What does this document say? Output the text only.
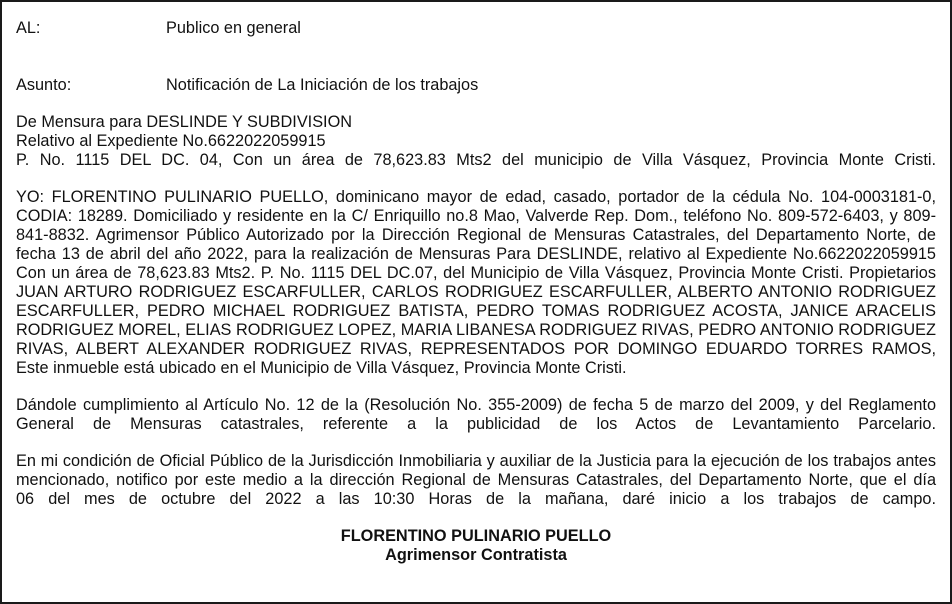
AL:	Publico en general
Asunto:	Notificación de La Iniciación de los trabajos
De Mensura para DESLINDE Y SUBDIVISION
Relativo al Expediente No.6622022059915
P. No. 1115 DEL DC. 04, Con un área de 78,623.83 Mts2 del municipio de Villa Vásquez, Provincia Monte Cristi.
YO: FLORENTINO PULINARIO PUELLO, dominicano mayor de edad, casado, portador de la cédula No. 104-0003181-0,
CODIA: 18289. Domiciliado y residente en la C/ Enriquillo no.8 Mao, Valverde Rep. Dom., teléfono No. 809-572-6403, y 809-
841-8832. Agrimensor Público Autorizado por la Dirección Regional de Mensuras Catastrales, del Departamento Norte, de
fecha 13 de abril del año 2022, para la realización de Mensuras Para DESLINDE, relativo al Expediente No.6622022059915
Con un área de 78,623.83 Mts2. P. No. 1115 DEL DC.07, del Municipio de Villa Vásquez, Provincia Monte Cristi. Propietarios
JUAN ARTURO RODRIGUEZ ESCARFULLER, CARLOS RODRIGUEZ ESCARFULLER, ALBERTO ANTONIO RODRIGUEZ
ESCARFULLER, PEDRO MICHAEL RODRIGUEZ BATISTA, PEDRO TOMAS RODRIGUEZ ACOSTA, JANICE ARACELIS
RODRIGUEZ MOREL, ELIAS RODRIGUEZ LOPEZ, MARIA LIBANESA RODRIGUEZ RIVAS, PEDRO ANTONIO RODRIGUEZ
RIVAS, ALBERT ALEXANDER RODRIGUEZ RIVAS, REPRESENTADOS POR DOMINGO EDUARDO TORRES RAMOS,
Este inmueble está ubicado en el Municipio de Villa Vásquez, Provincia Monte Cristi.
Dándole cumplimiento al Artículo No. 12 de la (Resolución No. 355-2009) de fecha 5 de marzo del 2009, y del Reglamento
General de Mensuras catastrales, referente a la publicidad de los Actos de Levantamiento Parcelario.
En mi condición de Oficial Público de la Jurisdicción Inmobiliaria y auxiliar de la Justicia para la ejecución de los trabajos antes
mencionado, notifico por este medio a la dirección Regional de Mensuras Catastrales, del Departamento Norte, que el día
06 del mes de octubre del 2022 a las 10:30 Horas de la mañana, daré inicio a los trabajos de campo.
FLORENTINO PULINARIO PUELLO
Agrimensor Contratista
